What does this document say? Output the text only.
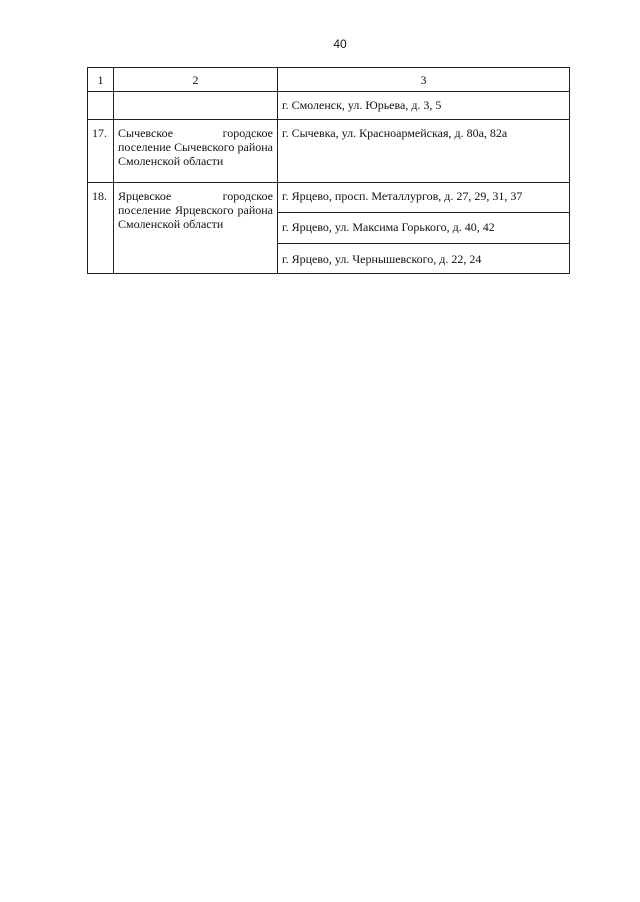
40
1	2	3
		г. Смоленск, ул. Юрьева, д. 3, 5
17.	Сычевское городское поселение Сычевского района Смоленской области	г. Сычевка, ул. Красноармейская, д. 80а, 82а
18.	Ярцевское городское поселение Ярцевского района Смоленской области	г. Ярцево, просп. Металлургов, д. 27, 29, 31, 37
		г. Ярцево, ул. Максима Горького, д. 40, 42
		г. Ярцево, ул. Чернышевского, д. 22, 24
